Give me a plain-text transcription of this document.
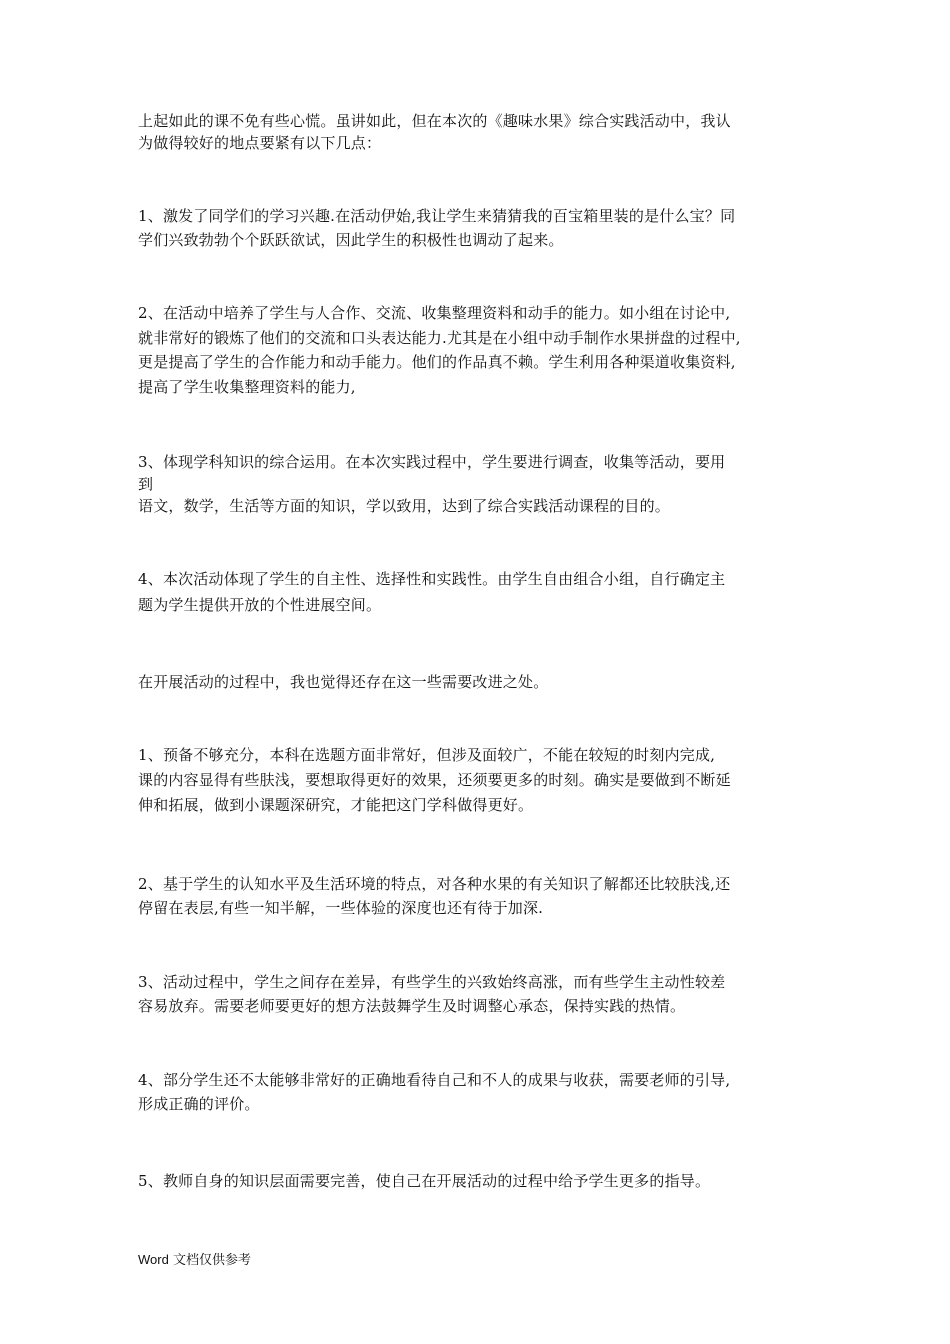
上起如此的课不免有些心慌。虽讲如此，但在本次的《趣味水果》综合实践活动中，我认
为做得较好的地点要紧有以下几点：
1、激发了同学们的学习兴趣.在活动伊始,我让学生来猜猜我的百宝箱里装的是什么宝？同
学们兴致勃勃个个跃跃欲试，因此学生的积极性也调动了起来。
2、在活动中培养了学生与人合作、交流、收集整理资料和动手的能力。如小组在讨论中,
就非常好的锻炼了他们的交流和口头表达能力.尤其是在小组中动手制作水果拼盘的过程中,
更是提高了学生的合作能力和动手能力。他们的作品真不赖。学生利用各种渠道收集资料,
提高了学生收集整理资料的能力,
3、体现学科知识的综合运用。在本次实践过程中，学生要进行调查，收集等活动，要用
到
语文，数学，生活等方面的知识，学以致用，达到了综合实践活动课程的目的。
4、本次活动体现了学生的自主性、选择性和实践性。由学生自由组合小组，自行确定主
题为学生提供开放的个性进展空间。
在开展活动的过程中，我也觉得还存在这一些需要改进之处。
1、预备不够充分，本科在选题方面非常好，但涉及面较广，不能在较短的时刻内完成,
课的内容显得有些肤浅，要想取得更好的效果，还须要更多的时刻。确实是要做到不断延
伸和拓展，做到小课题深研究，才能把这门学科做得更好。
2、基于学生的认知水平及生活环境的特点，对各种水果的有关知识了解都还比较肤浅,还
停留在表层,有些一知半解，一些体验的深度也还有待于加深.
3、活动过程中，学生之间存在差异，有些学生的兴致始终高涨，而有些学生主动性较差
容易放弃。需要老师要更好的想方法鼓舞学生及时调整心承态，保持实践的热情。
4、部分学生还不太能够非常好的正确地看待自己和不人的成果与收获，需要老师的引导,
形成正确的评价。
5、教师自身的知识层面需要完善，使自己在开展活动的过程中给予学生更多的指导。
Word 文档仅供参考
